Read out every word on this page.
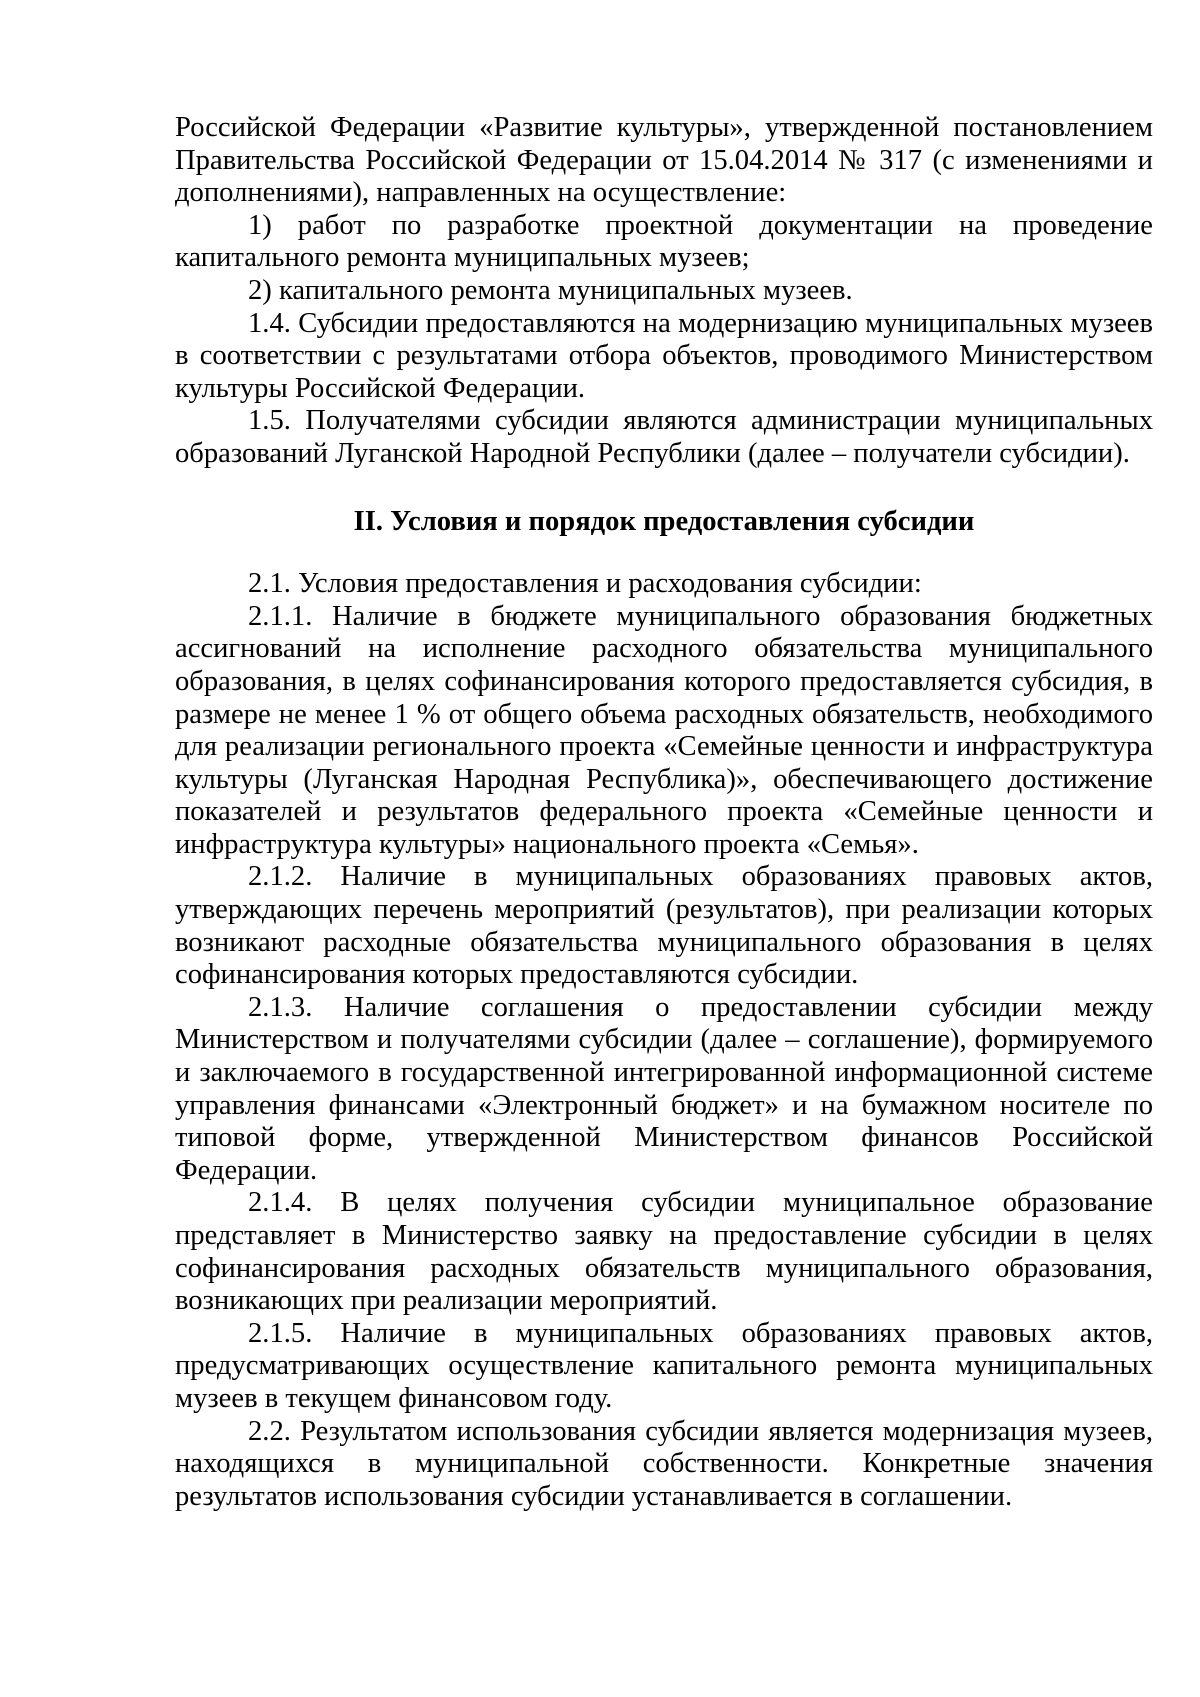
Российской Федерации «Развитие культуры», утвержденной постановлением Правительства Российской Федерации от 15.04.2014 № 317 (с изменениями и дополнениями), направленных на осуществление:

1) работ по разработке проектной документации на проведение капитального ремонта муниципальных музеев;

2) капитального ремонта муниципальных музеев.

1.4. Субсидии предоставляются на модернизацию муниципальных музеев в соответствии с результатами отбора объектов, проводимого Министерством культуры Российской Федерации.

1.5. Получателями субсидии являются администрации муниципальных образований Луганской Народной Республики (далее – получатели субсидии).

II. Условия и порядок предоставления субсидии

2.1. Условия предоставления и расходования субсидии:

2.1.1. Наличие в бюджете муниципального образования бюджетных ассигнований на исполнение расходного обязательства муниципального образования, в целях софинансирования которого предоставляется субсидия, в размере не менее 1 % от общего объема расходных обязательств, необходимого для реализации регионального проекта «Семейные ценности и инфраструктура культуры (Луганская Народная Республика)», обеспечивающего достижение показателей и результатов федерального проекта «Семейные ценности и инфраструктура культуры» национального проекта «Семья».

2.1.2. Наличие в муниципальных образованиях правовых актов, утверждающих перечень мероприятий (результатов), при реализации которых возникают расходные обязательства муниципального образования в целях софинансирования которых предоставляются субсидии.

2.1.3. Наличие соглашения о предоставлении субсидии между Министерством и получателями субсидии (далее – соглашение), формируемого и заключаемого в государственной интегрированной информационной системе управления финансами «Электронный бюджет» и на бумажном носителе по типовой форме, утвержденной Министерством финансов Российской Федерации.

2.1.4. В целях получения субсидии муниципальное образование представляет в Министерство заявку на предоставление субсидии в целях софинансирования расходных обязательств муниципального образования, возникающих при реализации мероприятий.

2.1.5. Наличие в муниципальных образованиях правовых актов, предусматривающих осуществление капитального ремонта муниципальных музеев в текущем финансовом году.

2.2. Результатом использования субсидии является модернизация музеев, находящихся в муниципальной собственности. Конкретные значения результатов использования субсидии устанавливается в соглашении.
